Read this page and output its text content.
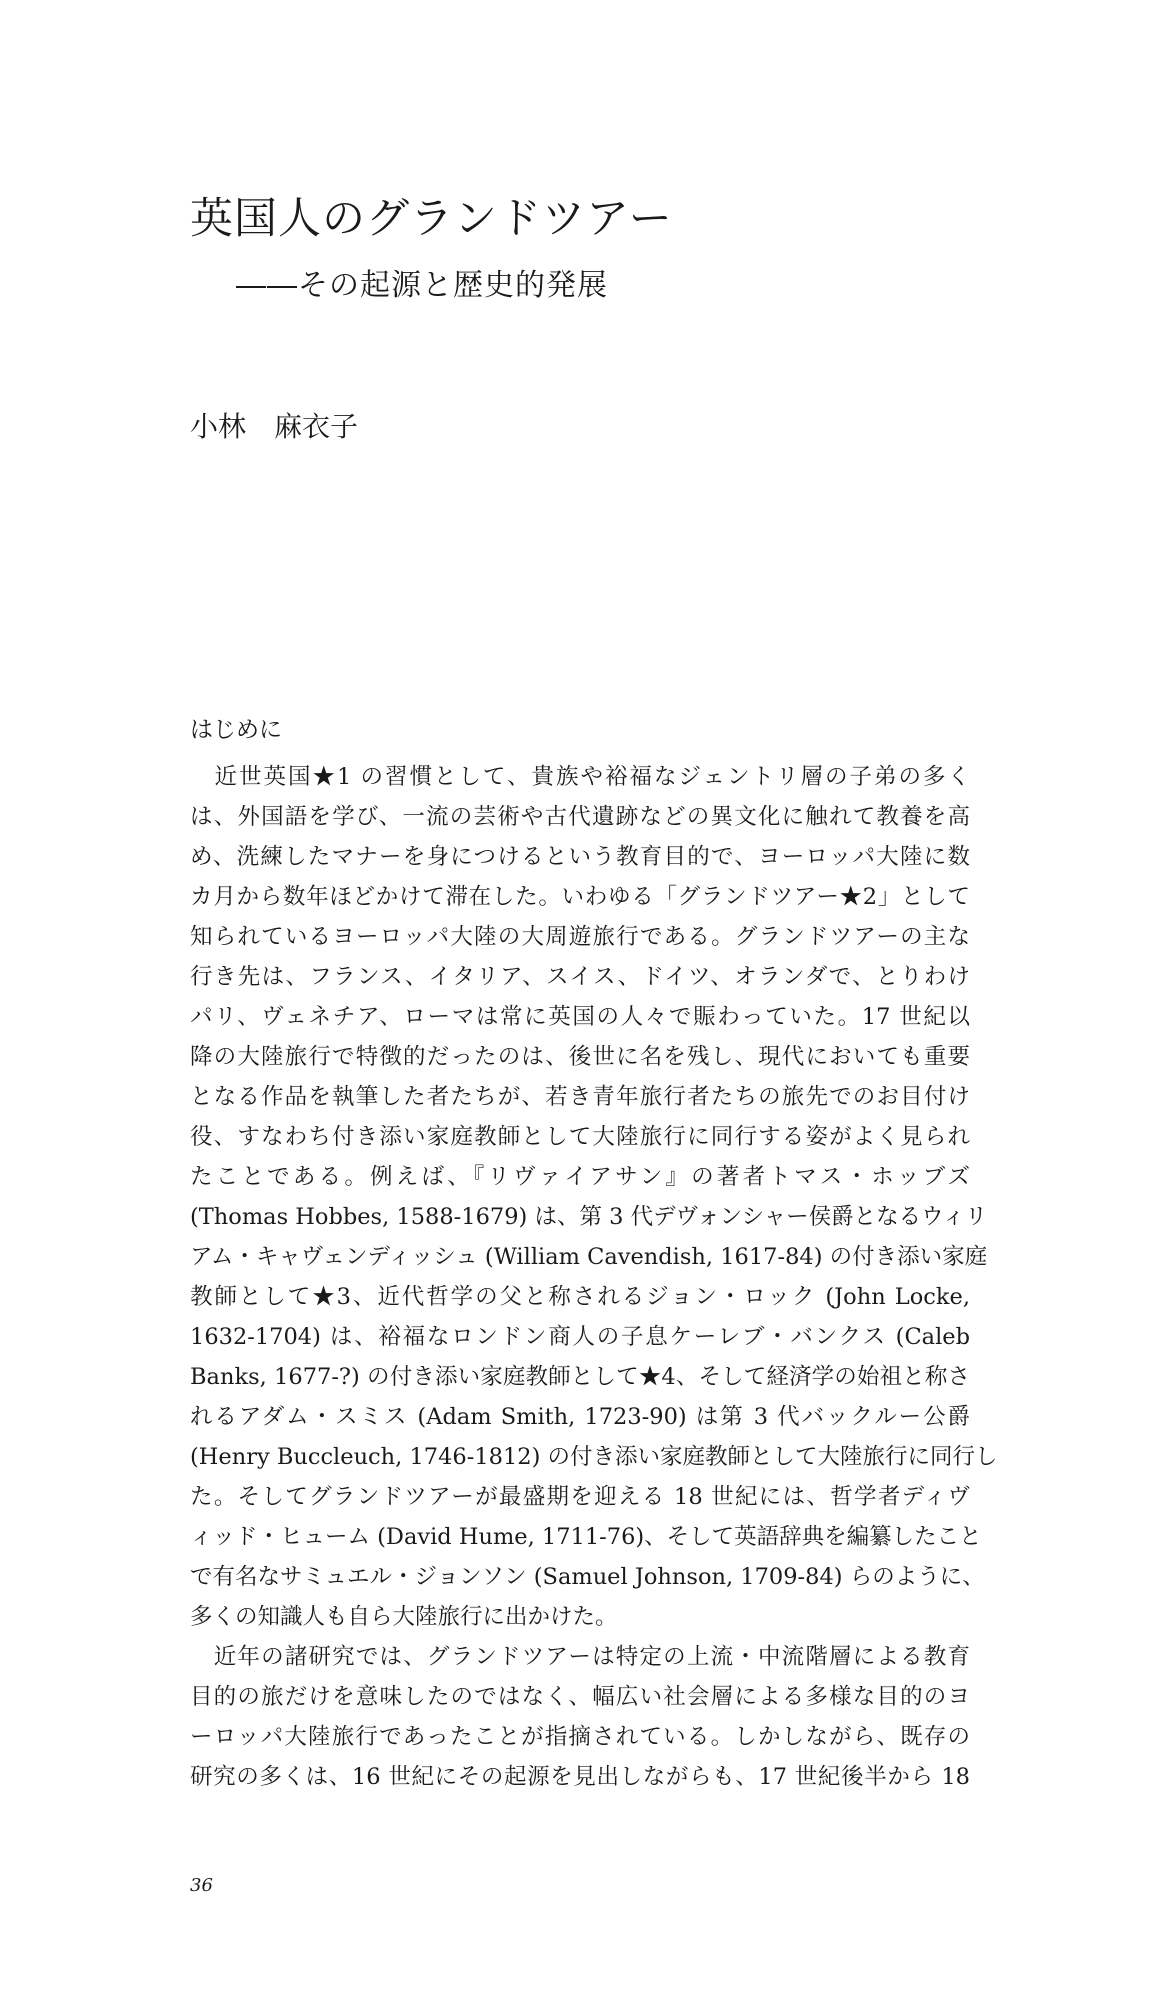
英国人のグランドツアー
――その起源と歴史的発展
小林　麻衣子
はじめに
　近世英国★1 の習慣として、貴族や裕福なジェントリ層の子弟の多く
は、外国語を学び、一流の芸術や古代遺跡などの異文化に触れて教養を高
め、洗練したマナーを身につけるという教育目的で、ヨーロッパ大陸に数
カ月から数年ほどかけて滞在した。いわゆる「グランドツアー★2」として
知られているヨーロッパ大陸の大周遊旅行である。グランドツアーの主な
行き先は、フランス、イタリア、スイス、ドイツ、オランダで、とりわけ
パリ、ヴェネチア、ローマは常に英国の人々で賑わっていた。17 世紀以
降の大陸旅行で特徴的だったのは、後世に名を残し、現代においても重要
となる作品を執筆した者たちが、若き青年旅行者たちの旅先でのお目付け
役、すなわち付き添い家庭教師として大陸旅行に同行する姿がよく見られ
たことである。例えば、『リヴァイアサン』の著者トマス・ホッブズ
(Thomas Hobbes, 1588-1679) は、第 3 代デヴォンシャー侯爵となるウィリ
アム・キャヴェンディッシュ (William Cavendish, 1617-84) の付き添い家庭
教師として★3、近代哲学の父と称されるジョン・ロック (John Locke,
1632-1704) は、裕福なロンドン商人の子息ケーレブ・バンクス (Caleb
Banks, 1677-?) の付き添い家庭教師として★4、そして経済学の始祖と称さ
れるアダム・スミス (Adam Smith, 1723-90) は第 3 代バックルー公爵
(Henry Buccleuch, 1746-1812) の付き添い家庭教師として大陸旅行に同行し
た。そしてグランドツアーが最盛期を迎える 18 世紀には、哲学者ディヴ
ィッド・ヒューム (David Hume, 1711-76)、そして英語辞典を編纂したこと
で有名なサミュエル・ジョンソン (Samuel Johnson, 1709-84) らのように、
多くの知識人も自ら大陸旅行に出かけた。
　近年の諸研究では、グランドツアーは特定の上流・中流階層による教育
目的の旅だけを意味したのではなく、幅広い社会層による多様な目的のヨ
ーロッパ大陸旅行であったことが指摘されている。しかしながら、既存の
研究の多くは、16 世紀にその起源を見出しながらも、17 世紀後半から 18
36
